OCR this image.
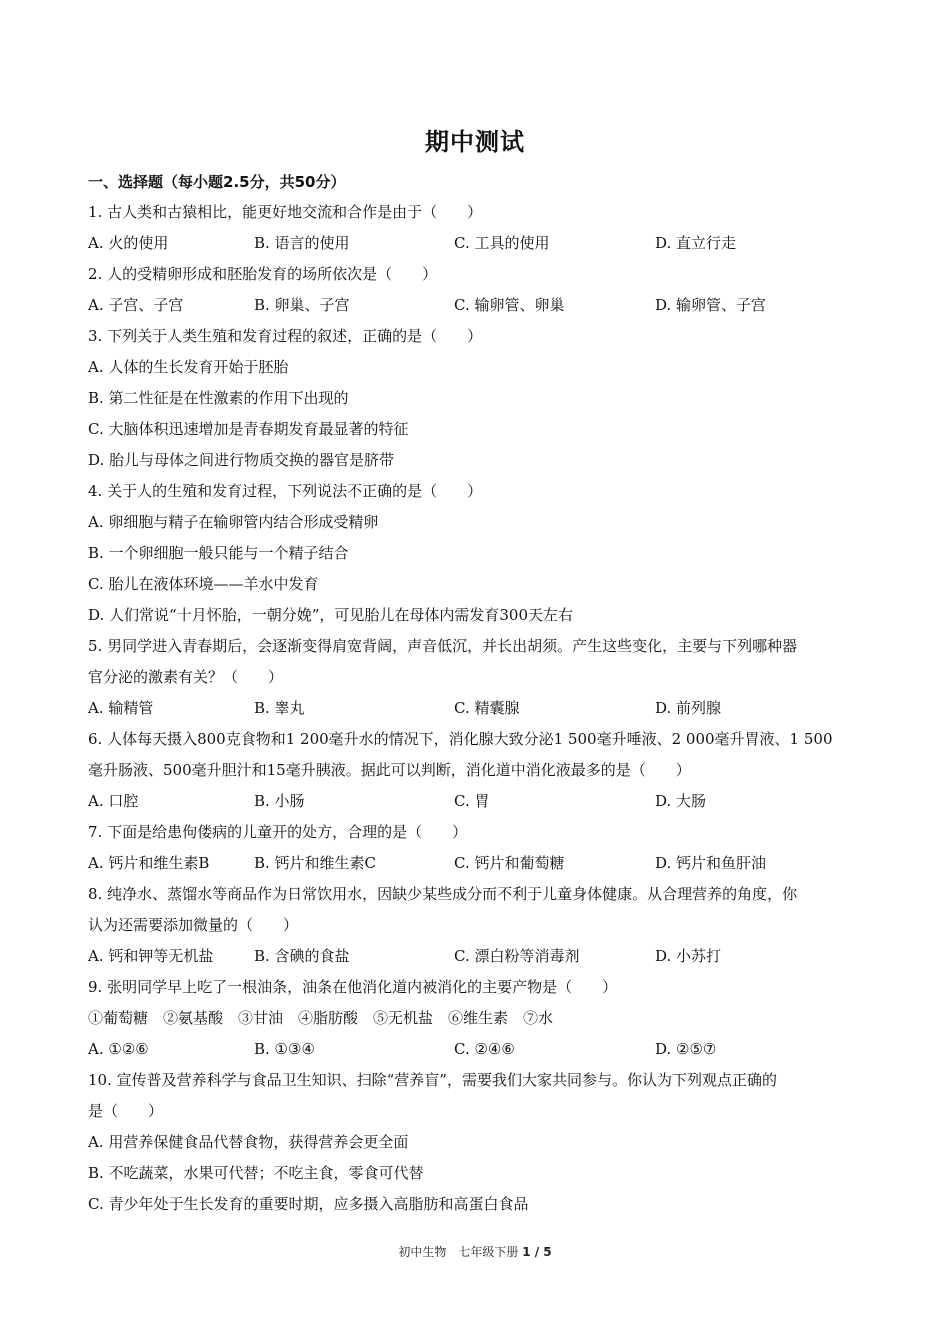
期中测试
一、选择题（每小题2.5分，共50分）
1. 古人类和古猿相比，能更好地交流和合作是由于（　　）
A. 火的使用	B. 语言的使用	C. 工具的使用	D. 直立行走
2. 人的受精卵形成和胚胎发育的场所依次是（　　）
A. 子宫、子宫	B. 卵巢、子宫	C. 输卵管、卵巢	D. 输卵管、子宫
3. 下列关于人类生殖和发育过程的叙述，正确的是（　　）
A. 人体的生长发育开始于胚胎
B. 第二性征是在性激素的作用下出现的
C. 大脑体积迅速增加是青春期发育最显著的特征
D. 胎儿与母体之间进行物质交换的器官是脐带
4. 关于人的生殖和发育过程，下列说法不正确的是（　　）
A. 卵细胞与精子在输卵管内结合形成受精卵
B. 一个卵细胞一般只能与一个精子结合
C. 胎儿在液体环境——羊水中发育
D. 人们常说“十月怀胎，一朝分娩”，可见胎儿在母体内需发育300天左右
5. 男同学进入青春期后，会逐渐变得肩宽背阔，声音低沉，并长出胡须。产生这些变化，主要与下列哪种器
官分泌的激素有关？（　　）
A. 输精管	B. 睾丸	C. 精囊腺	D. 前列腺
6. 人体每天摄入800克食物和1 200毫升水的情况下，消化腺大致分泌1 500毫升唾液、2 000毫升胃液、1 500
毫升肠液、500毫升胆汁和15毫升胰液。据此可以判断，消化道中消化液最多的是（　　）
A. 口腔	B. 小肠	C. 胃	D. 大肠
7. 下面是给患佝偻病的儿童开的处方，合理的是（　　）
A. 钙片和维生素B	B. 钙片和维生素C	C. 钙片和葡萄糖	D. 钙片和鱼肝油
8. 纯净水、蒸馏水等商品作为日常饮用水，因缺少某些成分而不利于儿童身体健康。从合理营养的角度，你
认为还需要添加微量的（　　）
A. 钙和钾等无机盐	B. 含碘的食盐	C. 漂白粉等消毒剂	D. 小苏打
9. 张明同学早上吃了一根油条，油条在他消化道内被消化的主要产物是（　　）
①葡萄糖　②氨基酸　③甘油　④脂肪酸　⑤无机盐　⑥维生素　⑦水
A. ①②⑥	B. ①③④	C. ②④⑥	D. ②⑤⑦
10. 宣传普及营养科学与食品卫生知识、扫除“营养盲”，需要我们大家共同参与。你认为下列观点正确的
是（　　）
A. 用营养保健食品代替食物，获得营养会更全面
B. 不吃蔬菜，水果可代替；不吃主食，零食可代替
C. 青少年处于生长发育的重要时期，应多摄入高脂肪和高蛋白食品
初中生物　七年级下册 1 / 5
